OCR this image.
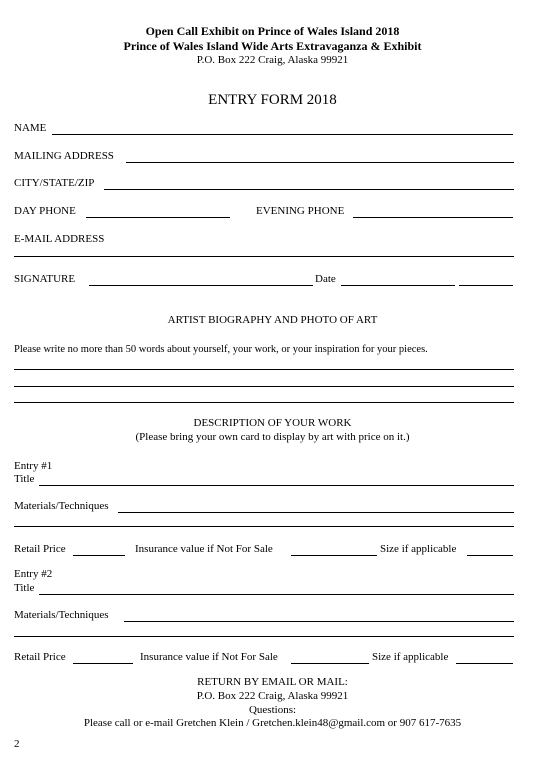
Open Call Exhibit on Prince of Wales Island 2018
Prince of Wales Island Wide Arts Extravaganza & Exhibit
P.O. Box 222 Craig, Alaska 99921
ENTRY FORM 2018
NAME
MAILING ADDRESS
CITY/STATE/ZIP
DAY PHONE	EVENING PHONE
E-MAIL ADDRESS
SIGNATURE	Date
ARTIST BIOGRAPHY AND PHOTO OF ART
Please write no more than 50 words about yourself, your work, or your inspiration for your pieces.
DESCRIPTION OF YOUR WORK
(Please bring your own card to display by art with price on it.)
Entry #1
Title
Materials/Techniques
Retail Price	Insurance value if Not For Sale	Size if applicable
Entry #2
Title
Materials/Techniques
Retail Price	Insurance value if Not For Sale	Size if applicable
RETURN BY EMAIL OR MAIL:
P.O. Box 222 Craig, Alaska 99921
Questions:
Please call or e-mail Gretchen Klein / Gretchen.klein48@gmail.com or 907 617-7635
2
